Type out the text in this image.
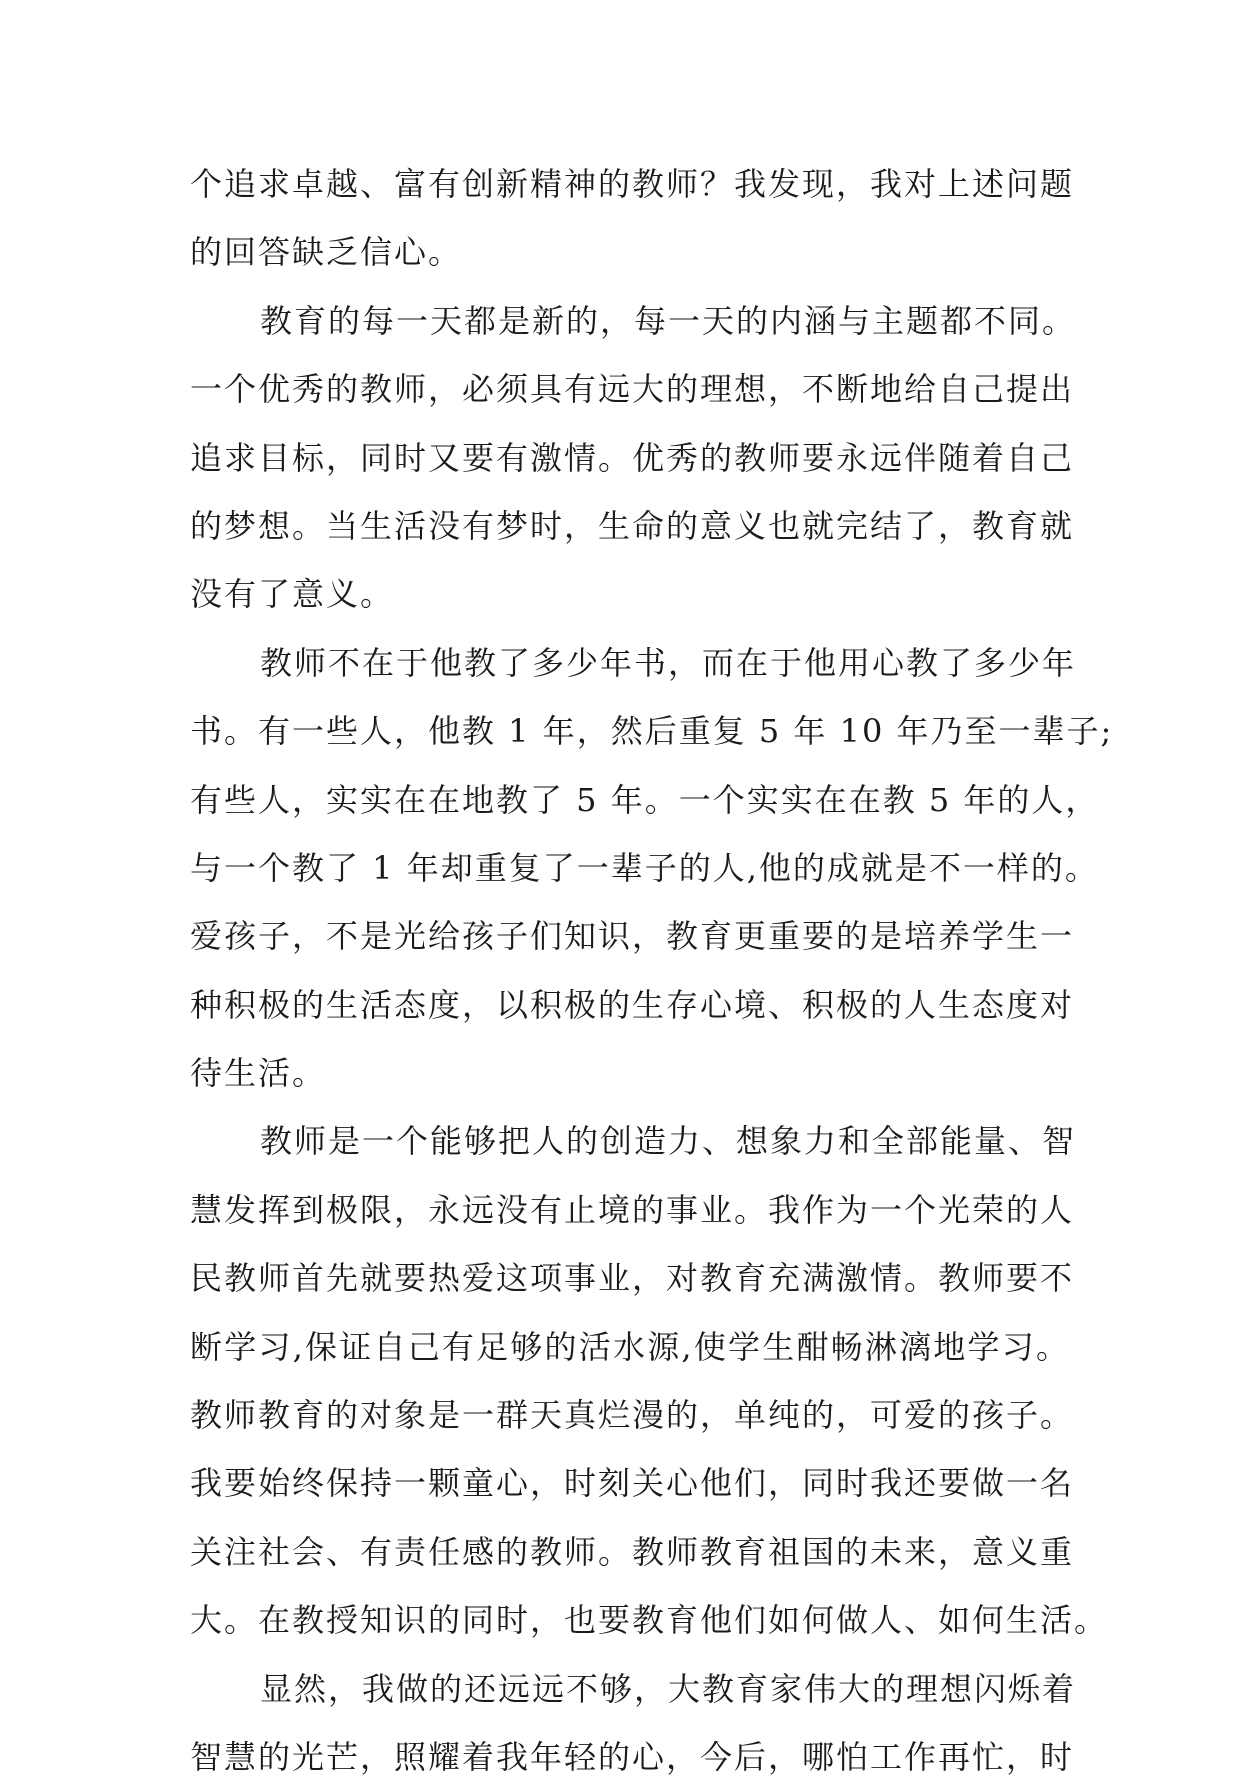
个追求卓越、富有创新精神的教师？我发现，我对上述问题
的回答缺乏信心。
教育的每一天都是新的，每一天的内涵与主题都不同。
一个优秀的教师，必须具有远大的理想，不断地给自己提出
追求目标，同时又要有激情。优秀的教师要永远伴随着自己
的梦想。当生活没有梦时，生命的意义也就完结了，教育就
没有了意义。
教师不在于他教了多少年书，而在于他用心教了多少年
书。有一些人，他教 1 年，然后重复 5 年 10 年乃至一辈子;
有些人，实实在在地教了 5 年。一个实实在在教 5 年的人，
与一个教了 1 年却重复了一辈子的人,他的成就是不一样的。
爱孩子，不是光给孩子们知识，教育更重要的是培养学生一
种积极的生活态度，以积极的生存心境、积极的人生态度对
待生活。
教师是一个能够把人的创造力、想象力和全部能量、智
慧发挥到极限，永远没有止境的事业。我作为一个光荣的人
民教师首先就要热爱这项事业，对教育充满激情。教师要不
断学习,保证自己有足够的活水源,使学生酣畅淋漓地学习。
教师教育的对象是一群天真烂漫的，单纯的，可爱的孩子。
我要始终保持一颗童心，时刻关心他们，同时我还要做一名
关注社会、有责任感的教师。教师教育祖国的未来，意义重
大。在教授知识的同时，也要教育他们如何做人、如何生活。
显然，我做的还远远不够，大教育家伟大的理想闪烁着
智慧的光芒，照耀着我年轻的心，今后，哪怕工作再忙，时
